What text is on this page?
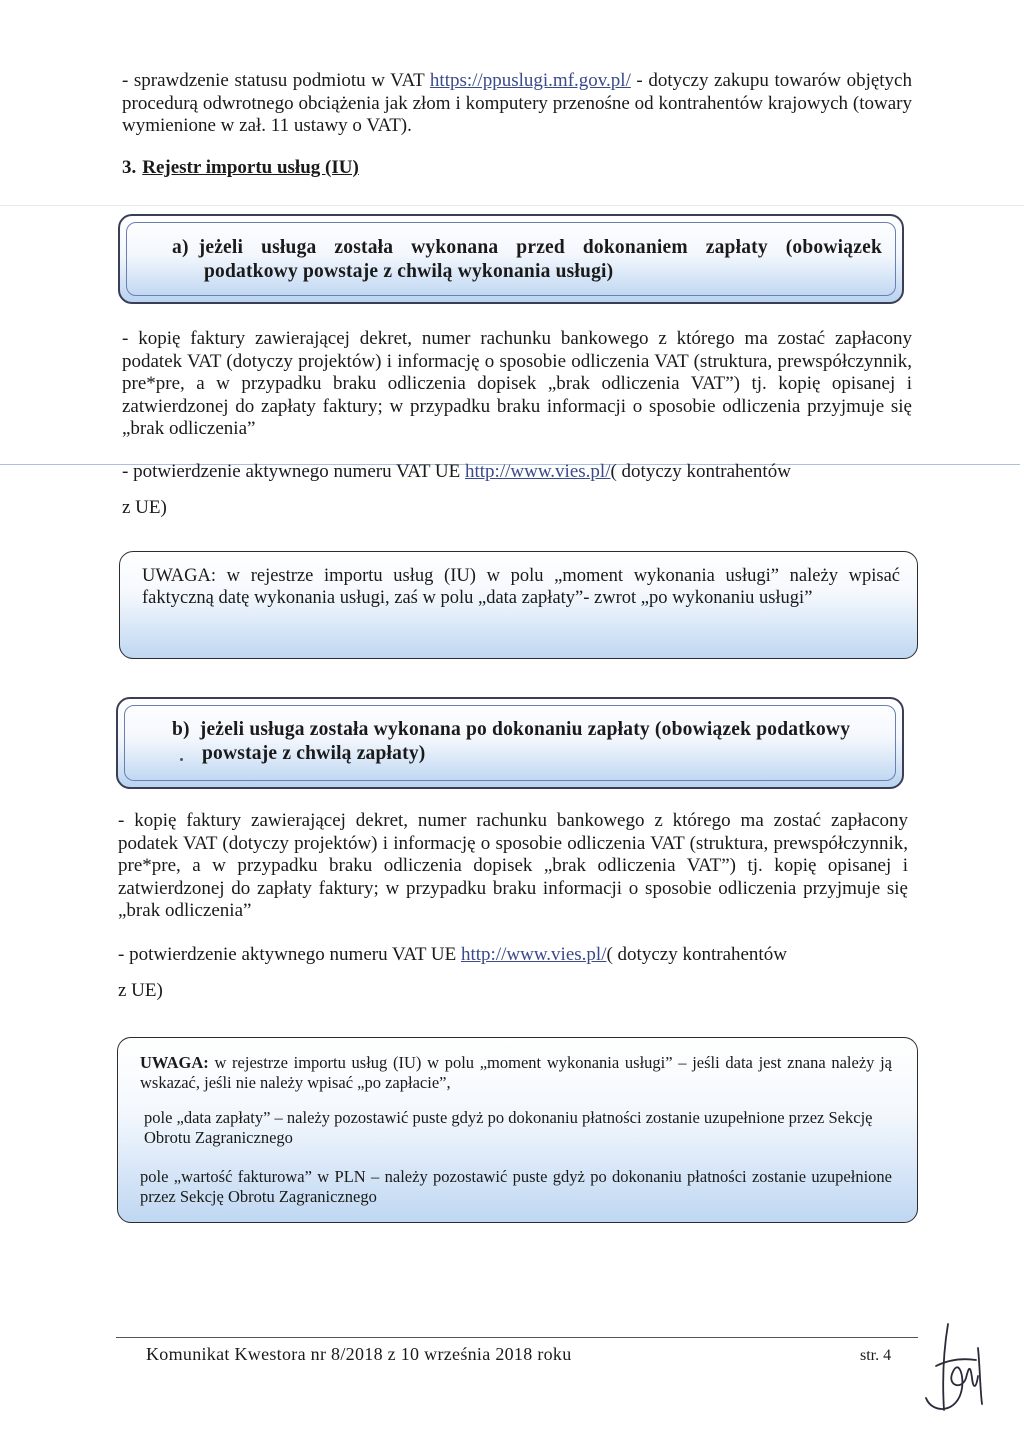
- sprawdzenie statusu podmiotu w VAT https://ppuslugi.mf.gov.pl/ - dotyczy zakupu towarów objętych procedurą odwrotnego obciążenia jak złom i komputery przenośne od kontrahentów krajowych (towary wymienione w zał. 11 ustawy o VAT).

3. Rejestr importu usług (IU)
a) jeżeli usługa została wykonana przed dokonaniem zapłaty (obowiązek
podatkowy powstaje z chwilą wykonania usługi)

- kopię faktury zawierającej dekret, numer rachunku bankowego z którego ma zostać zapłacony podatek VAT (dotyczy projektów) i informację o sposobie odliczenia VAT (struktura, prewspółczynnik, pre*pre, a w przypadku braku odliczenia dopisek „brak odliczenia VAT”) tj. kopię opisanej i zatwierdzonej do zapłaty faktury; w przypadku braku informacji o sposobie odliczenia przyjmuje się „brak odliczenia”

- potwierdzenie aktywnego numeru VAT UE http://www.vies.pl/( dotyczy kontrahentów

z UE)

UWAGA: w rejestrze importu usług (IU) w polu „moment wykonania usługi” należy wpisać faktyczną datę wykonania usługi, zaś w polu „data zapłaty”- zwrot „po wykonaniu usługi”

b) jeżeli usługa została wykonana po dokonaniu zapłaty (obowiązek podatkowy
powstaje z chwilą zapłaty)

- kopię faktury zawierającej dekret, numer rachunku bankowego z którego ma zostać zapłacony podatek VAT (dotyczy projektów) i informację o sposobie odliczenia VAT (struktura, prewspółczynnik, pre*pre, a w przypadku braku odliczenia dopisek „brak odliczenia VAT”) tj. kopię opisanej i zatwierdzonej do zapłaty faktury; w przypadku braku informacji o sposobie odliczenia przyjmuje się „brak odliczenia”

- potwierdzenie aktywnego numeru VAT UE http://www.vies.pl/( dotyczy kontrahentów

z UE)

UWAGA: w rejestrze importu usług (IU) w polu „moment wykonania usługi” – jeśli data jest znana należy ją wskazać, jeśli nie należy wpisać „po zapłacie”,

pole „data zapłaty” – należy pozostawić puste gdyż po dokonaniu płatności zostanie uzupełnione przez Sekcję Obrotu Zagranicznego

pole „wartość fakturowa” w PLN – należy pozostawić puste gdyż po dokonaniu płatności zostanie uzupełnione przez Sekcję Obrotu Zagranicznego

Komunikat Kwestora nr 8/2018 z 10 września 2018 roku	str. 4
